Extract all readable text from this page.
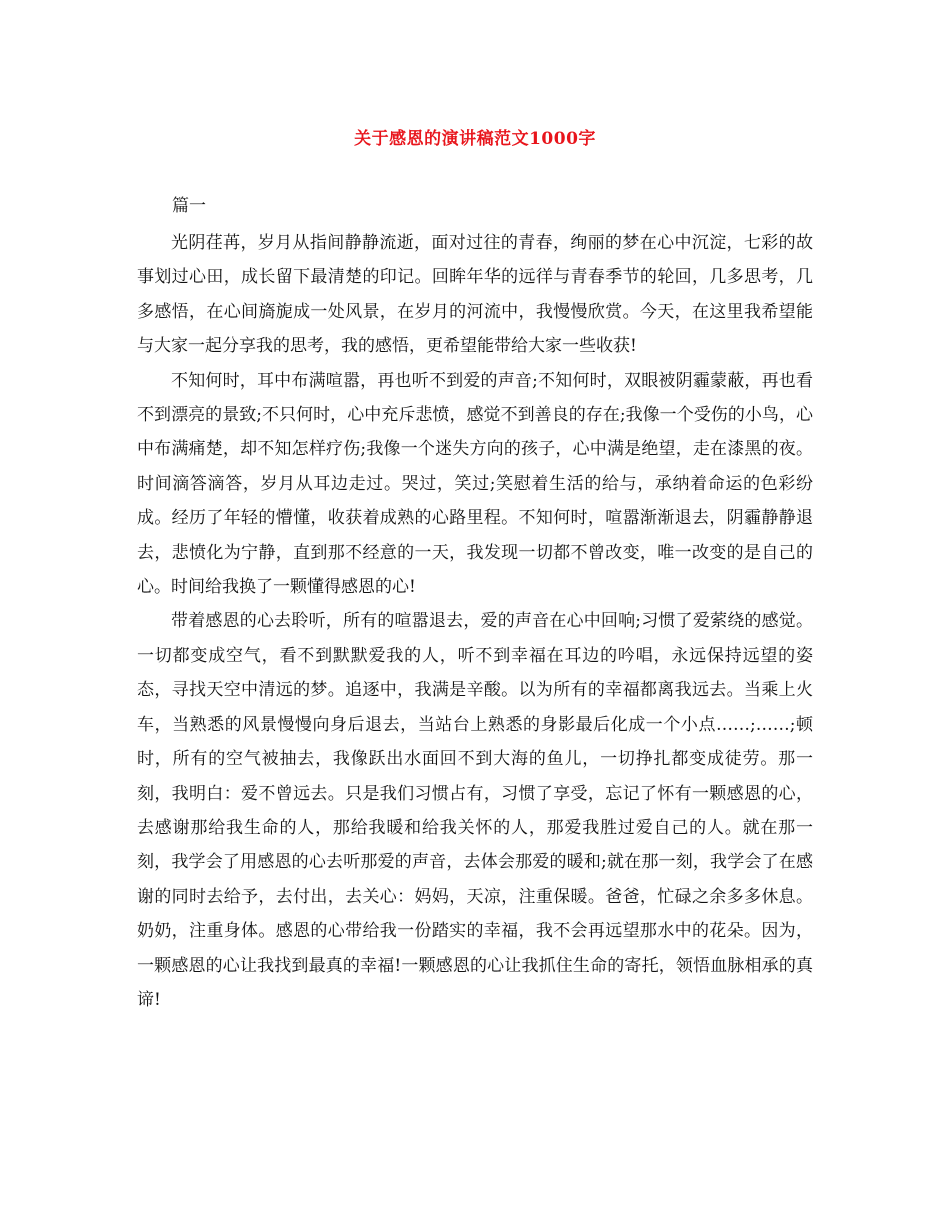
关于感恩的演讲稿范文1000字
篇一

光阴荏苒，岁月从指间静静流逝，面对过往的青春，绚丽的梦在心中沉淀，七彩的故事划过心田，成长留下最清楚的印记。回眸年华的远徉与青春季节的轮回，几多思考，几多感悟，在心间旖旎成一处风景，在岁月的河流中，我慢慢欣赏。今天，在这里我希望能与大家一起分享我的思考，我的感悟，更希望能带给大家一些收获!

不知何时，耳中布满喧嚣，再也听不到爱的声音;不知何时，双眼被阴霾蒙蔽，再也看不到漂亮的景致;不只何时，心中充斥悲愤，感觉不到善良的存在;我像一个受伤的小鸟，心中布满痛楚，却不知怎样疗伤;我像一个迷失方向的孩子，心中满是绝望，走在漆黑的夜。时间滴答滴答，岁月从耳边走过。哭过，笑过;笑慰着生活的给与，承纳着命运的色彩纷成。经历了年轻的懵懂，收获着成熟的心路里程。不知何时，喧嚣渐渐退去，阴霾静静退去，悲愤化为宁静，直到那不经意的一天，我发现一切都不曾改变，唯一改变的是自己的心。时间给我换了一颗懂得感恩的心!

带着感恩的心去聆听，所有的喧嚣退去，爱的声音在心中回响;习惯了爱萦绕的感觉。一切都变成空气，看不到默默爱我的人，听不到幸福在耳边的吟唱，永远保持远望的姿态，寻找天空中清远的梦。追逐中，我满是辛酸。以为所有的幸福都离我远去。当乘上火车，当熟悉的风景慢慢向身后退去，当站台上熟悉的身影最后化成一个小点……;……;顿时，所有的空气被抽去，我像跃出水面回不到大海的鱼儿，一切挣扎都变成徒劳。那一刻，我明白：爱不曾远去。只是我们习惯占有，习惯了享受，忘记了怀有一颗感恩的心，去感谢那给我生命的人，那给我暖和给我关怀的人，那爱我胜过爱自己的人。就在那一刻，我学会了用感恩的心去听那爱的声音，去体会那爱的暖和;就在那一刻，我学会了在感谢的同时去给予，去付出，去关心：妈妈，天凉，注重保暖。爸爸，忙碌之余多多休息。奶奶，注重身体。感恩的心带给我一份踏实的幸福，我不会再远望那水中的花朵。因为，一颗感恩的心让我找到最真的幸福!一颗感恩的心让我抓住生命的寄托，领悟血脉相承的真谛!
